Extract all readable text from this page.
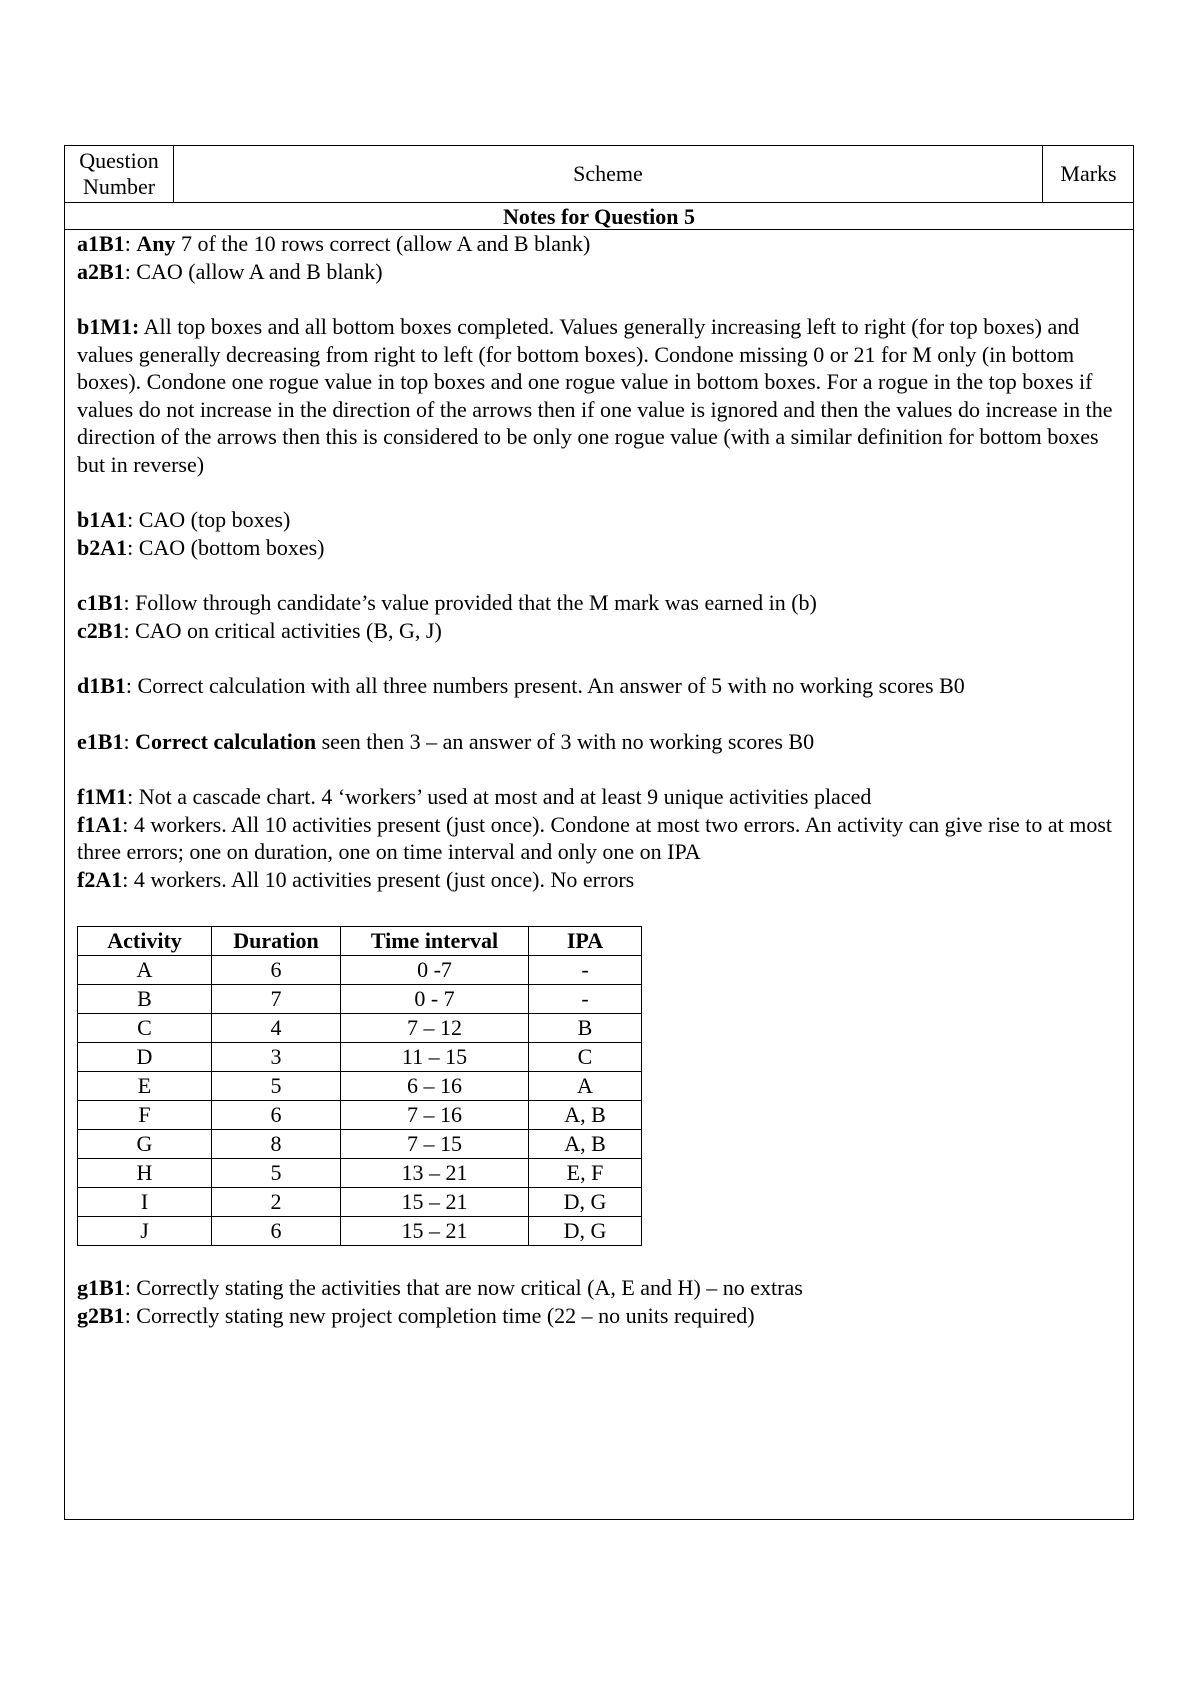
Question
Number
Scheme	Marks
Notes for Question 5

a1B1: Any 7 of the 10 rows correct (allow A and B blank)

a2B1: CAO (allow A and B blank)

b1M1: All top boxes and all bottom boxes completed. Values generally increasing left to right (for top boxes) and values generally decreasing from right to left (for bottom boxes). Condone missing 0 or 21 for M only (in bottom boxes). Condone one rogue value in top boxes and one rogue value in bottom boxes. For a rogue in the top boxes if values do not increase in the direction of the arrows then if one value is ignored and then the values do increase in the direction of the arrows then this is considered to be only one rogue value (with a similar definition for bottom boxes but in reverse)

b1A1: CAO (top boxes)

b2A1: CAO (bottom boxes)

c1B1: Follow through candidate’s value provided that the M mark was earned in (b)

c2B1: CAO on critical activities (B, G, J)

d1B1: Correct calculation with all three numbers present. An answer of 5 with no working scores B0

e1B1: Correct calculation seen then 3 – an answer of 3 with no working scores B0

f1M1: Not a cascade chart. 4 ‘workers’ used at most and at least 9 unique activities placed

f1A1: 4 workers. All 10 activities present (just once). Condone at most two errors. An activity can give rise to at most three errors; one on duration, one on time interval and only one on IPA

f2A1: 4 workers. All 10 activities present (just once). No errors

Activity	Duration	Time interval	IPA
A	6	0 -7	-
B	7	0 - 7	-
C	4	7 – 12	B
D	3	11 – 15	C
E	5	6 – 16	A
F	6	7 – 16	A, B
G	8	7 – 15	A, B
H	5	13 – 21	E, F
I	2	15 – 21	D, G
J	6	15 – 21	D, G

g1B1: Correctly stating the activities that are now critical (A, E and H) – no extras

g2B1: Correctly stating new project completion time (22 – no units required)
